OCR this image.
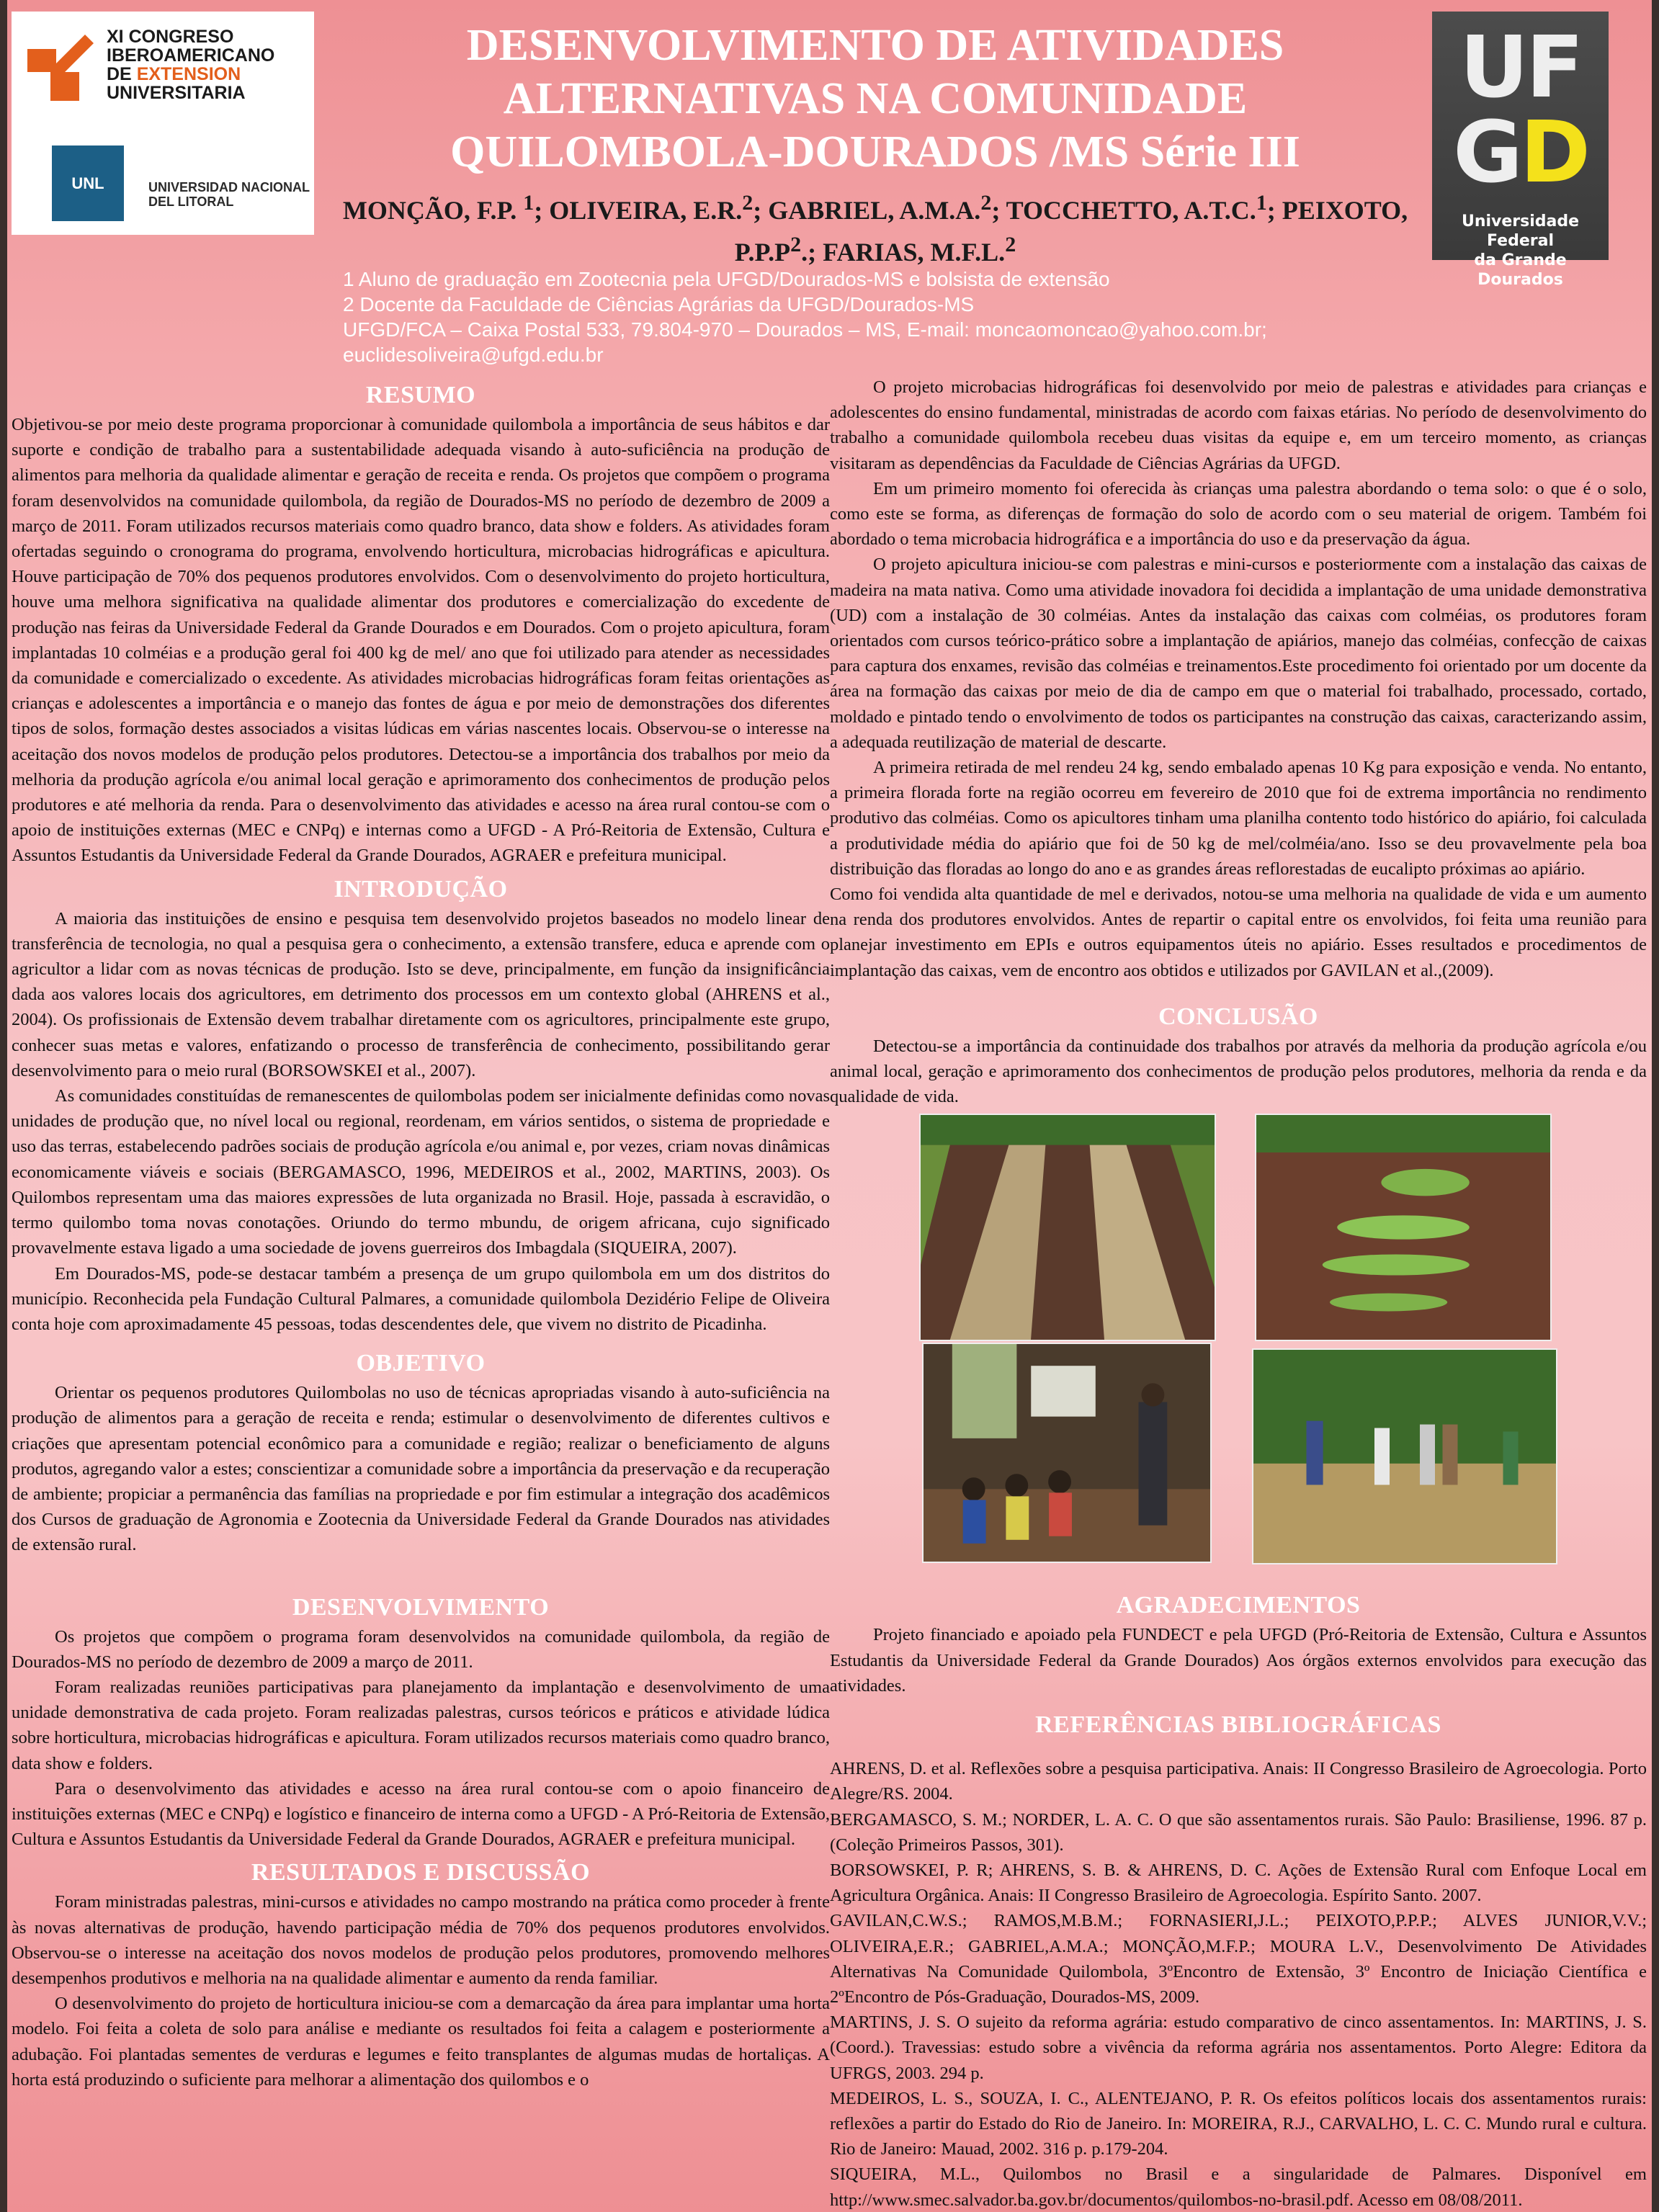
XI CONGRESO
IBEROAMERICANO
DE EXTENSION
UNIVERSITARIA
UNL	UNIVERSIDAD NACIONAL
DEL LITORAL
DESENVOLVIMENTO DE ATIVIDADES
ALTERNATIVAS NA COMUNIDADE
QUILOMBOLA-DOURADOS /MS Série III
MONÇÃO, F.P. $^1$; OLIVEIRA, E.R.$^2$; GABRIEL, A.M.A.$^2$; TOCCHETTO, A.T.C.$^1$; PEIXOTO, $P.P.P^2$.; FARIAS, M.F.L.$^2$
1 Aluno de graduação em Zootecnia pela UFGD/Dourados-MS e bolsista de extensão
2 Docente da Faculdade de Ciências Agrárias da UFGD/Dourados-MS
UFGD/FCA – Caixa Postal 533, 79.804-970 – Dourados – MS, E-mail: moncaomoncao@yahoo.com.br;
euclidesoliveira@ufgd.edu.br
UF
GD
Universidade Federal
da Grande Dourados
RESUMO

Objetivou-se por meio deste programa proporcionar à comunidade quilombola a importância de seus hábitos e dar suporte e condição de trabalho para a sustentabilidade adequada visando à auto-suficiência na produção de alimentos para melhoria da qualidade alimentar e geração de receita e renda. Os projetos que compõem o programa foram desenvolvidos na comunidade quilombola, da região de Dourados-MS no período de dezembro de 2009 a março de 2011. Foram utilizados recursos materiais como quadro branco, data show e folders. As atividades foram ofertadas seguindo o cronograma do programa, envolvendo horticultura, microbacias hidrográficas e apicultura. Houve participação de 70% dos pequenos produtores envolvidos. Com o desenvolvimento do projeto horticultura, houve uma melhora significativa na qualidade alimentar dos produtores e comercialização do excedente de produção nas feiras da Universidade Federal da Grande Dourados e em Dourados. Com o projeto apicultura, foram implantadas 10 colméias e a produção geral foi 400 kg de mel/ ano que foi utilizado para atender as necessidades da comunidade e comercializado o excedente. As atividades microbacias hidrográficas foram feitas orientações as crianças e adolescentes a importância e o manejo das fontes de água e por meio de demonstrações dos diferentes tipos de solos, formação destes associados a visitas lúdicas em várias nascentes locais. Observou-se o interesse na aceitação dos novos modelos de produção pelos produtores. Detectou-se a importância dos trabalhos por meio da melhoria da produção agrícola e/ou animal local geração e aprimoramento dos conhecimentos de produção pelos produtores e até melhoria da renda. Para o desenvolvimento das atividades e acesso na área rural contou-se com o apoio de instituições externas (MEC e CNPq) e internas como a UFGD - A Pró-Reitoria de Extensão, Cultura e Assuntos Estudantis da Universidade Federal da Grande Dourados, AGRAER e prefeitura municipal.

INTRODUÇÃO

A maioria das instituições de ensino e pesquisa tem desenvolvido projetos baseados no modelo linear de transferência de tecnologia, no qual a pesquisa gera o conhecimento, a extensão transfere, educa e aprende com o agricultor a lidar com as novas técnicas de produção. Isto se deve, principalmente, em função da insignificância dada aos valores locais dos agricultores, em detrimento dos processos em um contexto global (AHRENS et al., 2004). Os profissionais de Extensão devem trabalhar diretamente com os agricultores, principalmente este grupo, conhecer suas metas e valores, enfatizando o processo de transferência de conhecimento, possibilitando gerar desenvolvimento para o meio rural (BORSOWSKEI et al., 2007).

As comunidades constituídas de remanescentes de quilombolas podem ser inicialmente definidas como novas unidades de produção que, no nível local ou regional, reordenam, em vários sentidos, o sistema de propriedade e uso das terras, estabelecendo padrões sociais de produção agrícola e/ou animal e, por vezes, criam novas dinâmicas economicamente viáveis e sociais (BERGAMASCO, 1996, MEDEIROS et al., 2002, MARTINS, 2003). Os Quilombos representam uma das maiores expressões de luta organizada no Brasil. Hoje, passada à escravidão, o termo quilombo toma novas conotações. Oriundo do termo mbundu, de origem africana, cujo significado provavelmente estava ligado a uma sociedade de jovens guerreiros dos Imbagdala (SIQUEIRA, 2007).

Em Dourados-MS, pode-se destacar também a presença de um grupo quilombola em um dos distritos do município. Reconhecida pela Fundação Cultural Palmares, a comunidade quilombola Dezidério Felipe de Oliveira conta hoje com aproximadamente 45 pessoas, todas descendentes dele, que vivem no distrito de Picadinha.

OBJETIVO

Orientar os pequenos produtores Quilombolas no uso de técnicas apropriadas visando à auto-suficiência na produção de alimentos para a geração de receita e renda; estimular o desenvolvimento de diferentes cultivos e criações que apresentam potencial econômico para a comunidade e região; realizar o beneficiamento de alguns produtos, agregando valor a estes; conscientizar a comunidade sobre a importância da preservação e da recuperação de ambiente; propiciar a permanência das famílias na propriedade e por fim estimular a integração dos acadêmicos dos Cursos de graduação de Agronomia e Zootecnia da Universidade Federal da Grande Dourados nas atividades de extensão rural.

DESENVOLVIMENTO

Os projetos que compõem o programa foram desenvolvidos na comunidade quilombola, da região de Dourados-MS no período de dezembro de 2009 a março de 2011.

Foram realizadas reuniões participativas para planejamento da implantação e desenvolvimento de uma unidade demonstrativa de cada projeto. Foram realizadas palestras, cursos teóricos e práticos e atividade lúdica sobre horticultura, microbacias hidrográficas e apicultura. Foram utilizados recursos materiais como quadro branco, data show e folders.

Para o desenvolvimento das atividades e acesso na área rural contou-se com o apoio financeiro de instituições externas (MEC e CNPq) e logístico e financeiro de interna como a UFGD - A Pró-Reitoria de Extensão, Cultura e Assuntos Estudantis da Universidade Federal da Grande Dourados, AGRAER e prefeitura municipal.

RESULTADOS E DISCUSSÃO

Foram ministradas palestras, mini-cursos e atividades no campo mostrando na prática como proceder à frente às novas alternativas de produção, havendo participação média de 70% dos pequenos produtores envolvidos. Observou-se o interesse na aceitação dos novos modelos de produção pelos produtores, promovendo melhores desempenhos produtivos e melhoria na na qualidade alimentar e aumento da renda familiar.

O desenvolvimento do projeto de horticultura iniciou-se com a demarcação da área para implantar uma horta modelo. Foi feita a coleta de solo para análise e mediante os resultados foi feita a calagem e posteriormente a adubação. Foi plantadas sementes de verduras e legumes e feito transplantes de algumas mudas de hortaliças. A horta está produzindo o suficiente para melhorar a alimentação dos quilombos e o

O projeto microbacias hidrográficas foi desenvolvido por meio de palestras e atividades para crianças e adolescentes do ensino fundamental, ministradas de acordo com faixas etárias. No período de desenvolvimento do trabalho a comunidade quilombola recebeu duas visitas da equipe e, em um terceiro momento, as crianças visitaram as dependências da Faculdade de Ciências Agrárias da UFGD.

Em um primeiro momento foi oferecida às crianças uma palestra abordando o tema solo: o que é o solo, como este se forma, as diferenças de formação do solo de acordo com o seu material de origem. Também foi abordado o tema microbacia hidrográfica e a importância do uso e da preservação da água.

O projeto apicultura iniciou-se com palestras e mini-cursos e posteriormente com a instalação das caixas de madeira na mata nativa. Como uma atividade inovadora foi decidida a implantação de uma unidade demonstrativa (UD) com a instalação de 30 colméias. Antes da instalação das caixas com colméias, os produtores foram orientados com cursos teórico-prático sobre a implantação de apiários, manejo das colméias, confecção de caixas para captura dos enxames, revisão das colméias e treinamentos.Este procedimento foi orientado por um docente da área na formação das caixas por meio de dia de campo em que o material foi trabalhado, processado, cortado, moldado e pintado tendo o envolvimento de todos os participantes na construção das caixas, caracterizando assim, a adequada reutilização de material de descarte.

A primeira retirada de mel rendeu 24 kg, sendo embalado apenas 10 Kg para exposição e venda. No entanto, a primeira florada forte na região ocorreu em fevereiro de 2010 que foi de extrema importância no rendimento produtivo das colméias. Como os apicultores tinham uma planilha contento todo histórico do apiário, foi calculada a produtividade média do apiário que foi de 50 kg de mel/colméia/ano. Isso se deu provavelmente pela boa distribuição das floradas ao longo do ano e as grandes áreas reflorestadas de eucalipto próximas ao apiário.

Como foi vendida alta quantidade de mel e derivados, notou-se uma melhoria na qualidade de vida e um aumento na renda dos produtores envolvidos. Antes de repartir o capital entre os envolvidos, foi feita uma reunião para planejar investimento em EPIs e outros equipamentos úteis no apiário. Esses resultados e procedimentos de implantação das caixas, vem de encontro aos obtidos e utilizados por GAVILAN et al.,(2009).

CONCLUSÃO

Detectou-se a importância da continuidade dos trabalhos por através da melhoria da produção agrícola e/ou animal local, geração e aprimoramento dos conhecimentos de produção pelos produtores, melhoria da renda e da qualidade de vida.

AGRADECIMENTOS

Projeto financiado e apoiado pela FUNDECT e pela UFGD (Pró-Reitoria de Extensão, Cultura e Assuntos Estudantis da Universidade Federal da Grande Dourados) Aos órgãos externos envolvidos para execução das atividades.

REFERÊNCIAS BIBLIOGRÁFICAS

AHRENS, D. et al. Reflexões sobre a pesquisa participativa. Anais: II Congresso Brasileiro de Agroecologia. Porto Alegre/RS. 2004.

BERGAMASCO, S. M.; NORDER, L. A. C. O que são assentamentos rurais. São Paulo: Brasiliense, 1996. 87 p. (Coleção Primeiros Passos, 301).

BORSOWSKEI, P. R; AHRENS, S. B. & AHRENS, D. C. Ações de Extensão Rural com Enfoque Local em Agricultura Orgânica. Anais: II Congresso Brasileiro de Agroecologia. Espírito Santo. 2007.

GAVILAN,C.W.S.; RAMOS,M.B.M.; FORNASIERI,J.L.; PEIXOTO,P.P.P.; ALVES JUNIOR,V.V.; OLIVEIRA,E.R.; GABRIEL,A.M.A.; MONÇÃO,M.F.P.; MOURA L.V., Desenvolvimento De Atividades Alternativas Na Comunidade Quilombola, 3ºEncontro de Extensão, 3º Encontro de Iniciação Científica e 2ºEncontro de Pós-Graduação, Dourados-MS, 2009.

MARTINS, J. S. O sujeito da reforma agrária: estudo comparativo de cinco assentamentos. In: MARTINS, J. S. (Coord.). Travessias: estudo sobre a vivência da reforma agrária nos assentamentos. Porto Alegre: Editora da UFRGS, 2003. 294 p.

MEDEIROS, L. S., SOUZA, I. C., ALENTEJANO, P. R. Os efeitos políticos locais dos assentamentos rurais: reflexões a partir do Estado do Rio de Janeiro. In: MOREIRA, R.J., CARVALHO, L. C. C. Mundo rural e cultura. Rio de Janeiro: Mauad, 2002. 316 p. p.179-204.

SIQUEIRA, M.L., Quilombos no Brasil e a singularidade de Palmares. Disponível em http://www.smec.salvador.ba.gov.br/documentos/quilombos-no-brasil.pdf. Acesso em 08/08/2011.
